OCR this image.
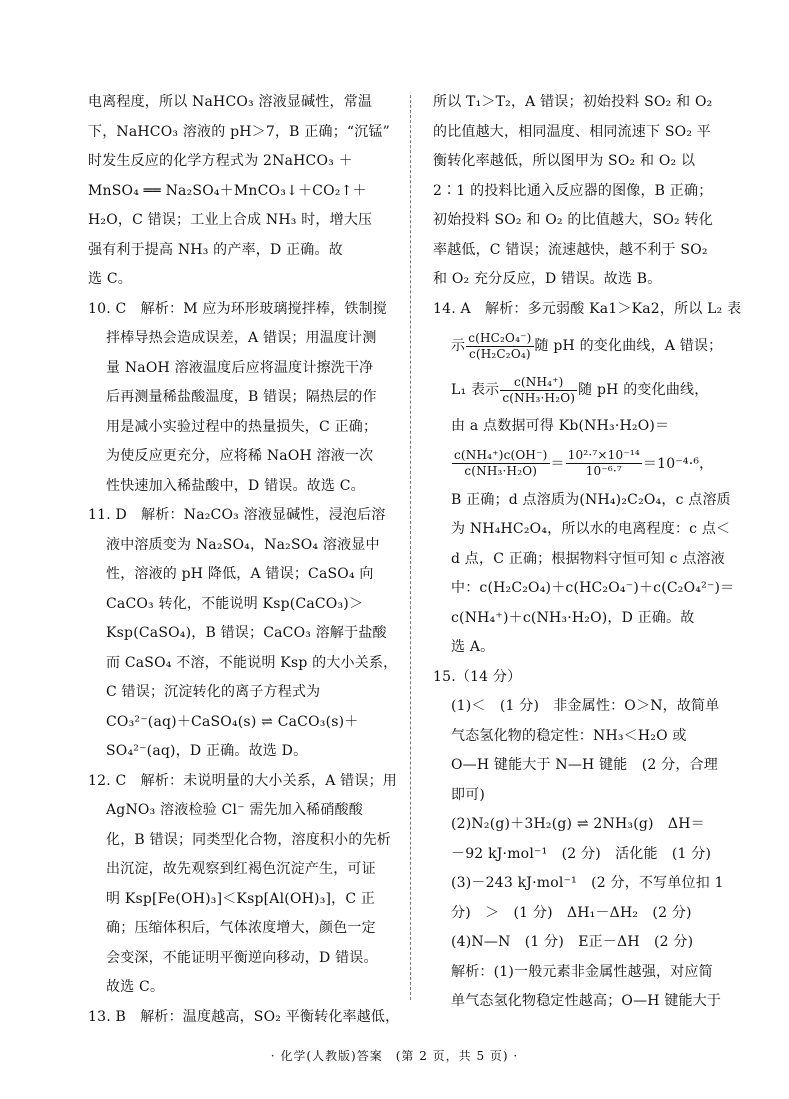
电离程度，所以 NaHCO₃ 溶液显碱性，常温
下，NaHCO₃ 溶液的 pH＞7，B 正确；“沉锰”
时发生反应的化学方程式为 2NaHCO₃ ＋
MnSO₄ ══ Na₂SO₄＋MnCO₃↓＋CO₂↑＋
H₂O，C 错误；工业上合成 NH₃ 时，增大压
强有利于提高 NH₃ 的产率，D 正确。故
选 C。
10. C　解析：M 应为环形玻璃搅拌棒，铁制搅
拌棒导热会造成误差，A 错误；用温度计测
量 NaOH 溶液温度后应将温度计擦洗干净
后再测量稀盐酸温度，B 错误；隔热层的作
用是减小实验过程中的热量损失，C 正确；
为使反应更充分，应将稀 NaOH 溶液一次
性快速加入稀盐酸中，D 错误。故选 C。
11. D　解析：Na₂CO₃ 溶液显碱性，浸泡后溶
液中溶质变为 Na₂SO₄，Na₂SO₄ 溶液显中
性，溶液的 pH 降低，A 错误；CaSO₄ 向
CaCO₃ 转化，不能说明 Ksp(CaCO₃)＞
Ksp(CaSO₄)，B 错误；CaCO₃ 溶解于盐酸
而 CaSO₄ 不溶，不能说明 Ksp 的大小关系，
C 错误；沉淀转化的离子方程式为
CO₃²⁻(aq)＋CaSO₄(s) ⇌ CaCO₃(s)＋
SO₄²⁻(aq)，D 正确。故选 D。
12. C　解析：未说明量的大小关系，A 错误；用
AgNO₃ 溶液检验 Cl⁻ 需先加入稀硝酸酸
化，B 错误；同类型化合物，溶度积小的先析
出沉淀，故先观察到红褐色沉淀产生，可证
明 Ksp[Fe(OH)₃]＜Ksp[Al(OH)₃]，C 正
确；压缩体积后，气体浓度增大，颜色一定
会变深，不能证明平衡逆向移动，D 错误。
故选 C。
13. B　解析：温度越高，SO₂ 平衡转化率越低，
所以 T₁＞T₂，A 错误；初始投料 SO₂ 和 O₂
的比值越大，相同温度、相同流速下 SO₂ 平
衡转化率越低，所以图甲为 SO₂ 和 O₂ 以
2∶1 的投料比通入反应器的图像，B 正确；
初始投料 SO₂ 和 O₂ 的比值越大，SO₂ 转化
率越低，C 错误；流速越快，越不利于 SO₂
和 O₂ 充分反应，D 错误。故选 B。
14. A　解析：多元弱酸 Ka1＞Ka2，所以 L₂ 表
示 $\frac{\text{c(HC₂O₄⁻)}}{\text{c(H₂C₂O₄)}}$ 随 pH 的变化曲线，A 错误；
L₁ 表示 $\frac{\text{c(NH₄⁺)}}{\text{c(NH₃·H₂O)}}$ 随 pH 的变化曲线，
由 a 点数据可得 Kb(NH₃·H₂O)＝
$\frac{\text{c(NH₄⁺)c(OH⁻)}}{\text{c(NH₃·H₂O)}} = \frac{\text{10²·⁷×10⁻¹⁴}}{\text{10⁻⁶·⁷}} =10^{-4}\cdot^6$，
B 正确；d 点溶质为(NH₄)₂C₂O₄，c 点溶质
为 NH₄HC₂O₄，所以水的电离程度：c 点＜
d 点，C 正确；根据物料守恒可知 c 点溶液
中：c(H₂C₂O₄)＋c(HC₂O₄⁻)＋c(C₂O₄²⁻)＝
c(NH₄⁺)＋c(NH₃·H₂O)，D 正确。故
选 A。
15.（14 分）
(1)＜　(1 分)　非金属性：O＞N，故简单
气态氢化物的稳定性：NH₃＜H₂O 或
O—H 键能大于 N—H 键能　(2 分，合理
即可)
(2)N₂(g)＋3H₂(g) ⇌ 2NH₃(g)　ΔH＝
－92 kJ·mol⁻¹　(2 分)　活化能　(1 分)
(3)－243 kJ·mol⁻¹　(2 分，不写单位扣 1
分)　＞　(1 分)　ΔH₁－ΔH₂　(2 分)
(4)N—N　(1 分)　E正－ΔH　(2 分)
解析：(1)一般元素非金属性越强，对应简
单气态氢化物稳定性越高；O—H 键能大于
· 化学(人教版)答案　(第 2 页，共 5 页) ·
